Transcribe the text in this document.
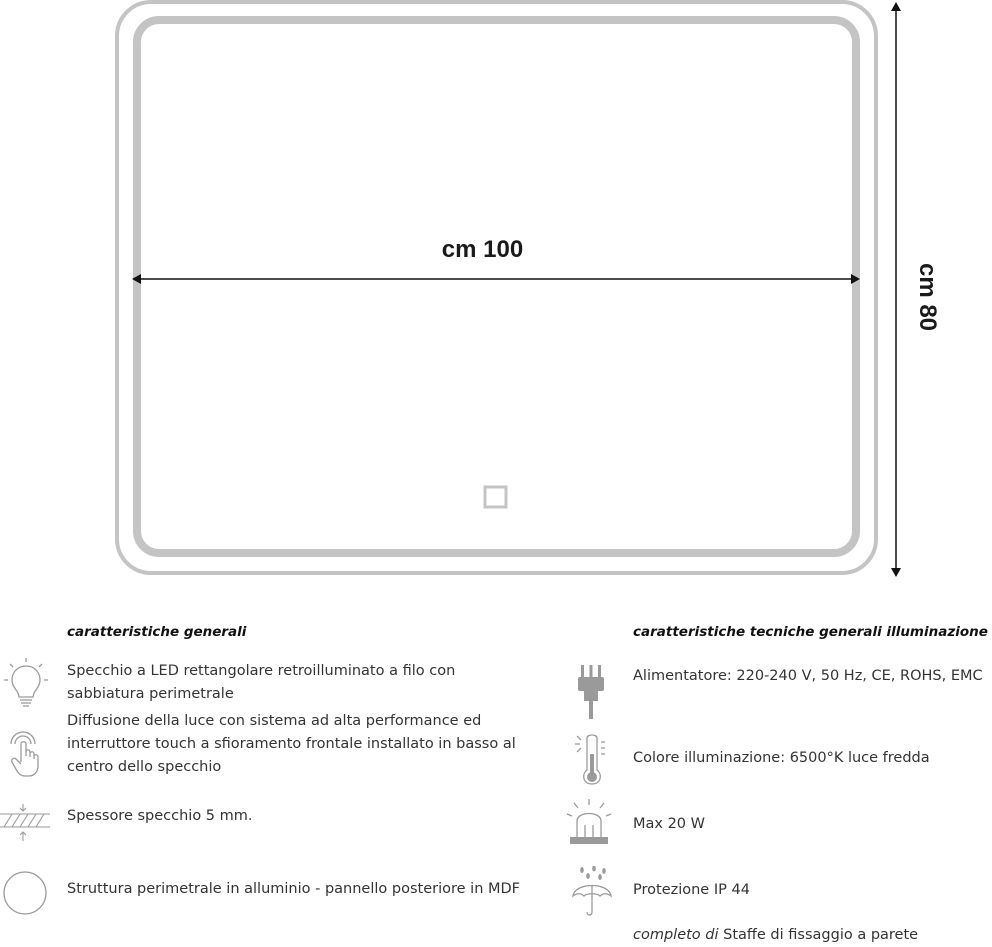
cm 100
cm 80
caratteristiche generali
Specchio a LED rettangolare retroilluminato a filo con sabbiatura perimetrale
Diffusione della luce con sistema ad alta performance ed interruttore touch a sfioramento frontale installato in basso al centro dello specchio
Spessore specchio 5 mm.
Struttura perimetrale in alluminio - pannello posteriore in MDF
caratteristiche tecniche generali illuminazione
Alimentatore: 220-240 V, 50 Hz, CE, ROHS, EMC
Colore illuminazione: 6500°K luce fredda
Max 20 W
Protezione IP 44
completo di Staffe di fissaggio a parete
